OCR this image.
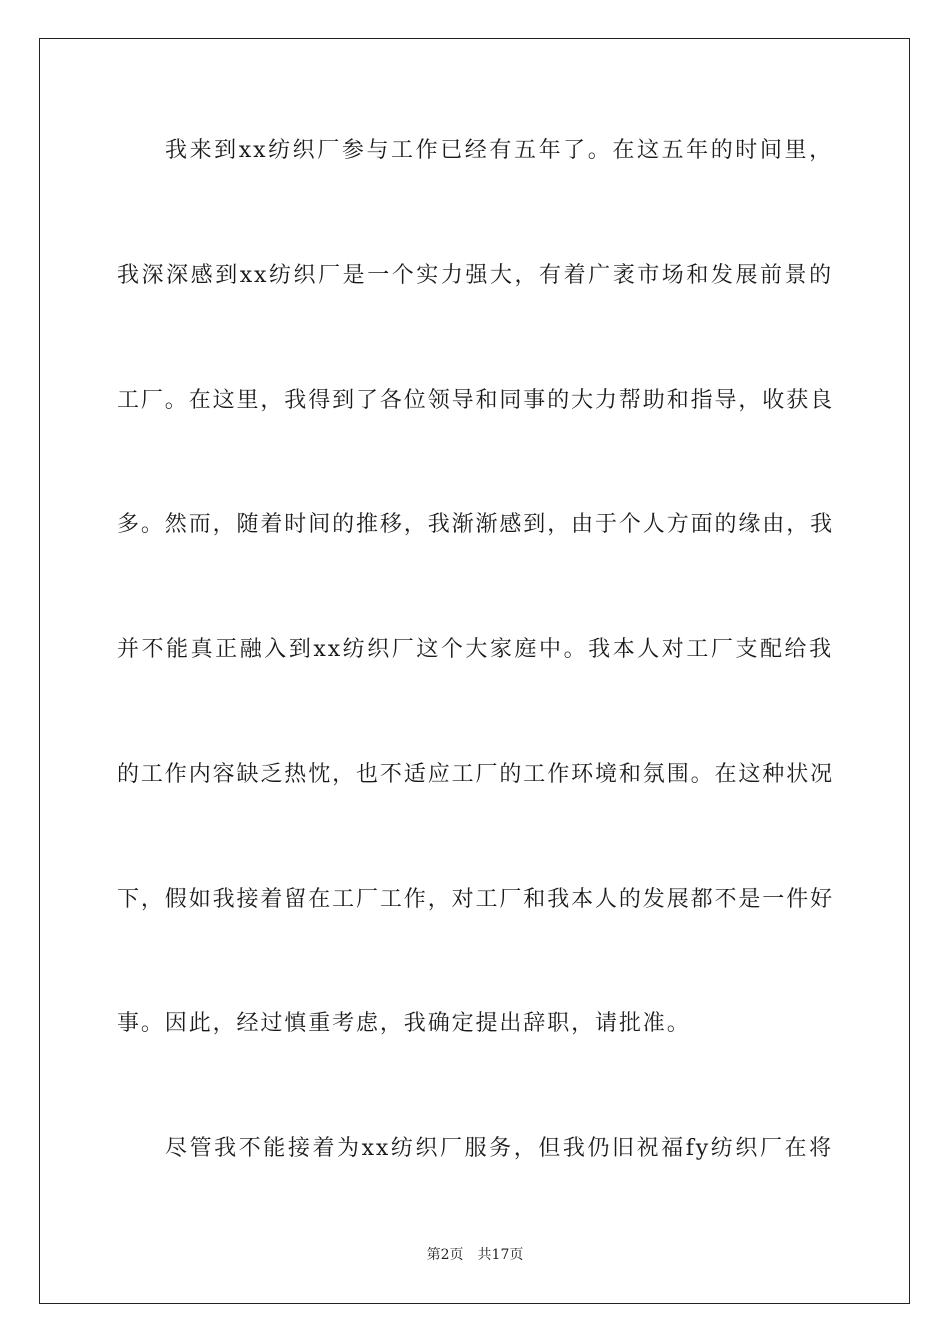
我来到xx纺织厂参与工作已经有五年了。在这五年的时间里，

我深深感到xx纺织厂是一个实力强大，有着广袤市场和发展前景的

工厂。在这里，我得到了各位领导和同事的大力帮助和指导，收获良

多。然而，随着时间的推移，我渐渐感到，由于个人方面的缘由，我

并不能真正融入到xx纺织厂这个大家庭中。我本人对工厂支配给我

的工作内容缺乏热忱，也不适应工厂的工作环境和氛围。在这种状况

下，假如我接着留在工厂工作，对工厂和我本人的发展都不是一件好

事。因此，经过慎重考虑，我确定提出辞职，请批准。

尽管我不能接着为xx纺织厂服务，但我仍旧祝福fy纺织厂在将

第2页 共17页
